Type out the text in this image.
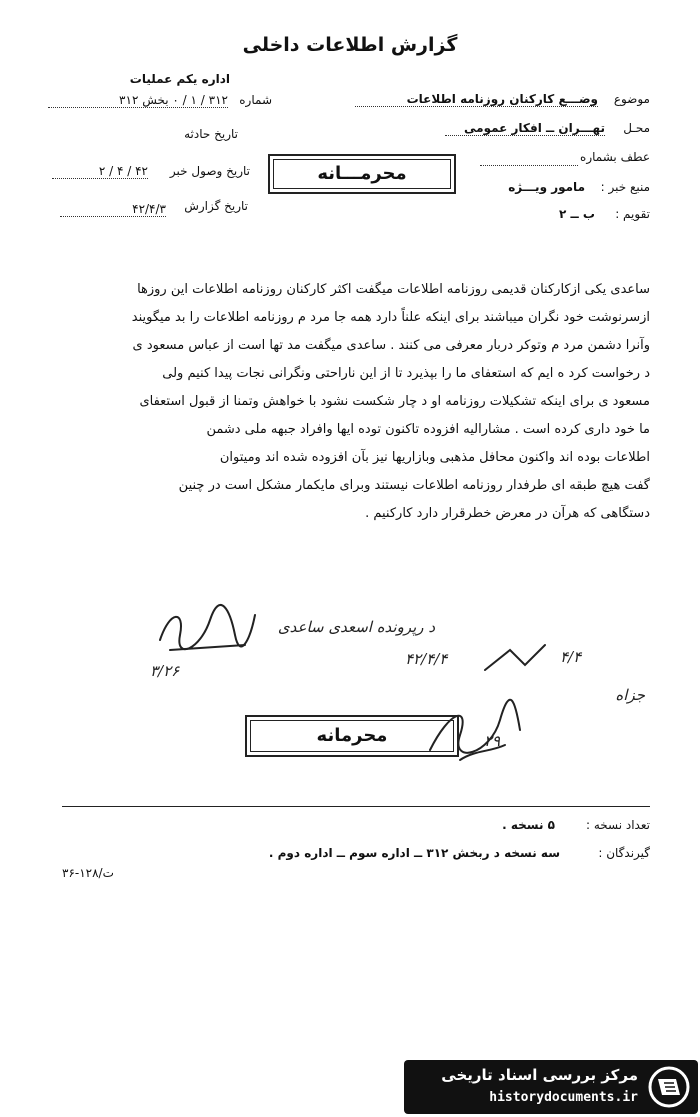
گزارش اطلاعات داخلی
اداره یکم عملیات
شماره
۳۱۲ / ۱ / ۰ بخش ۳۱۲
تاریخ حادثه
تاریخ وصول خبر
۲ / ۴ / ۴۲
تاریخ گزارش
۴۲/۴/۳
موضوع
وضـــع کارکنان روزنامه اطلاعات
محـل
تهـــران ــ افکار عمومی
عطف بشماره
منبع خبر :
مامور ویـــژه
تقویم :
ب ــ ۲
محرمـــانه
ساعدی یکی ازکارکنان قدیمی روزنامه اطلاعات میگفت اکثر کارکنان روزنامه اطلاعات این روزها
ازسرنوشت خود نگران میباشند برای اینکه علناً دارد همه جا مرد م روزنامه اطلاعات را بد میگویند
وآنرا دشمن مرد م وتوکر دربار معرفی می کنند . ساعدی میگفت مد تها است از عباس مسعود ی
د رخواست کرد ه ایم که استعفای ما را بپذیرد تا از این ناراحتی ونگرانی نجات پیدا کنیم ولی
مسعود ی برای اینکه تشکیلات روزنامه او د چار شکست نشود با خواهش وتمنا از قبول استعفای
ما خود داری کرده است . مشارالیه افزوده تاکنون توده ایها وافراد جبهه ملی دشمن
اطلاعات بوده اند واکنون محافل مذهبی وبازاریها نیز بآن افزوده شده اند ومیتوان
گفت هیچ طبقه ای طرفدار روزنامه اطلاعات نیستند وبرای مایکمار مشکل است در چنین
دستگاهی که هرآن در معرض خطرقرار دارد کارکنیم .
د رپرونده اسعدی ساعدی
۳/۲۶
۴۲/۴/۴	۴/۴
جزاه
محرمانه	۲۹
تعداد نسخه :
۵ نسخه .
گیرندگان :
سه نسخه د ربخش ۳۱۲ ــ اداره سوم ــ اداره دوم .
۳۶-۱۲۸/ت
مرکز بررسی اسناد تاریخی
historydocuments.ir
